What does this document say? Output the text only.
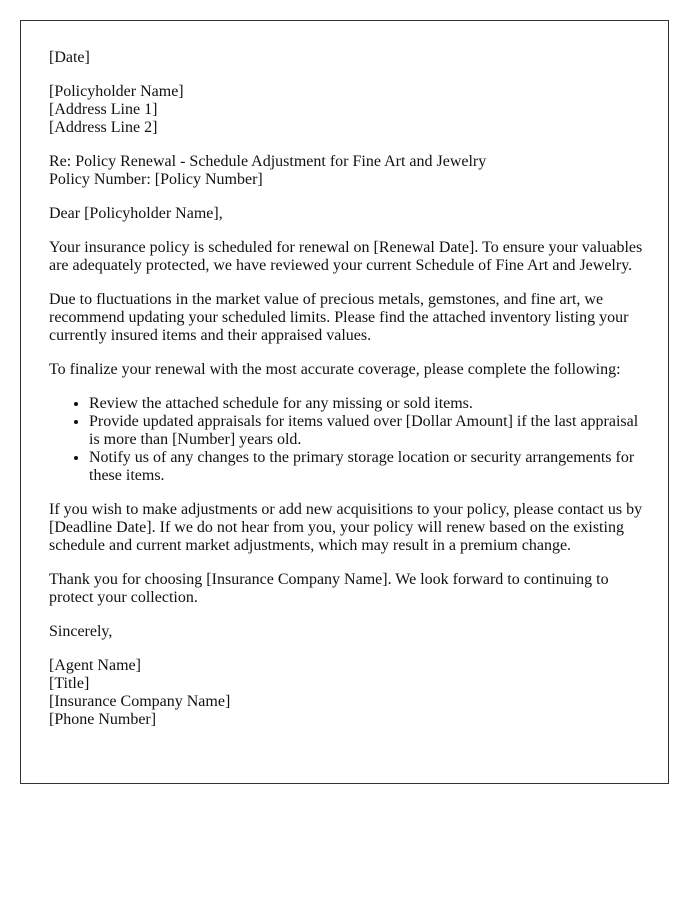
[Date]

[Policyholder Name]
[Address Line 1]
[Address Line 2]

Re: Policy Renewal - Schedule Adjustment for Fine Art and Jewelry
Policy Number: [Policy Number]

Dear [Policyholder Name],

Your insurance policy is scheduled for renewal on [Renewal Date]. To ensure your valuables are adequately protected, we have reviewed your current Schedule of Fine Art and Jewelry.

Due to fluctuations in the market value of precious metals, gemstones, and fine art, we recommend updating your scheduled limits. Please find the attached inventory listing your currently insured items and their appraised values.

To finalize your renewal with the most accurate coverage, please complete the following:

• Review the attached schedule for any missing or sold items.
• Provide updated appraisals for items valued over [Dollar Amount] if the last appraisal is more than [Number] years old.
• Notify us of any changes to the primary storage location or security arrangements for these items.

If you wish to make adjustments or add new acquisitions to your policy, please contact us by [Deadline Date]. If we do not hear from you, your policy will renew based on the existing schedule and current market adjustments, which may result in a premium change.

Thank you for choosing [Insurance Company Name]. We look forward to continuing to protect your collection.

Sincerely,

[Agent Name]
[Title]
[Insurance Company Name]
[Phone Number]
